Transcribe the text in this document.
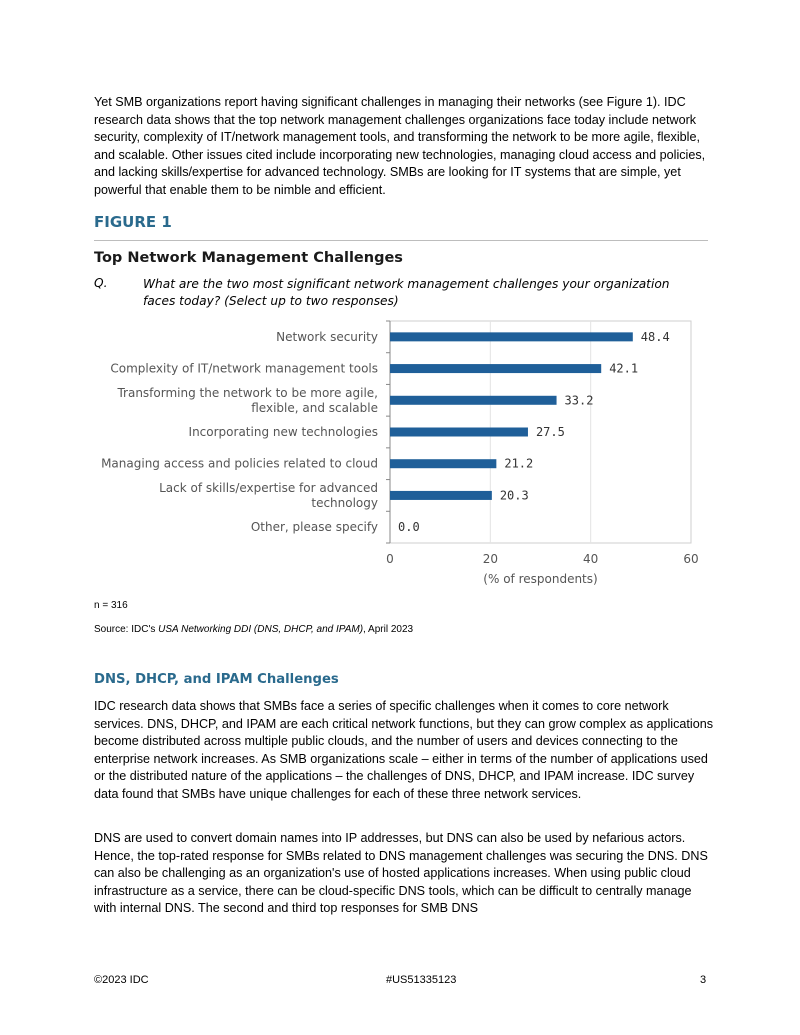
Yet SMB organizations report having significant challenges in managing their networks (see Figure 1). IDC research data shows that the top network management challenges organizations face today include network security, complexity of IT/network management tools, and transforming the network to be more agile, flexible, and scalable. Other issues cited include incorporating new technologies, managing cloud access and policies, and lacking skills/expertise for advanced technology. SMBs are looking for IT systems that are simple, yet powerful that enable them to be nimble and efficient.

FIGURE 1
Top Network Management Challenges
Q.	What are the two most significant network management challenges your organization faces today? (Select up to two responses)

48.4
Network security
42.1
Complexity of IT/network management tools
33.2
Transforming the network to be more agile,
flexible, and scalable
27.5
Incorporating new technologies
21.2
Managing access and policies related to cloud
20.3
Lack of skills/expertise for advanced
technology
0.0
Other, please specify
0	20	40	60
(% of respondents)

n = 316

Source: IDC's USA Networking DDI (DNS, DHCP, and IPAM), April 2023

DNS, DHCP, and IPAM Challenges

IDC research data shows that SMBs face a series of specific challenges when it comes to core network services. DNS, DHCP, and IPAM are each critical network functions, but they can grow complex as applications become distributed across multiple public clouds, and the number of users and devices connecting to the enterprise network increases. As SMB organizations scale – either in terms of the number of applications used or the distributed nature of the applications – the challenges of DNS, DHCP, and IPAM increase. IDC survey data found that SMBs have unique challenges for each of these three network services.

DNS are used to convert domain names into IP addresses, but DNS can also be used by nefarious actors. Hence, the top-rated response for SMBs related to DNS management challenges was securing the DNS. DNS can also be challenging as an organization's use of hosted applications increases. When using public cloud infrastructure as a service, there can be cloud-specific DNS tools, which can be difficult to centrally manage with internal DNS. The second and third top responses for SMB DNS

©2023 IDC	#US51335123	3
